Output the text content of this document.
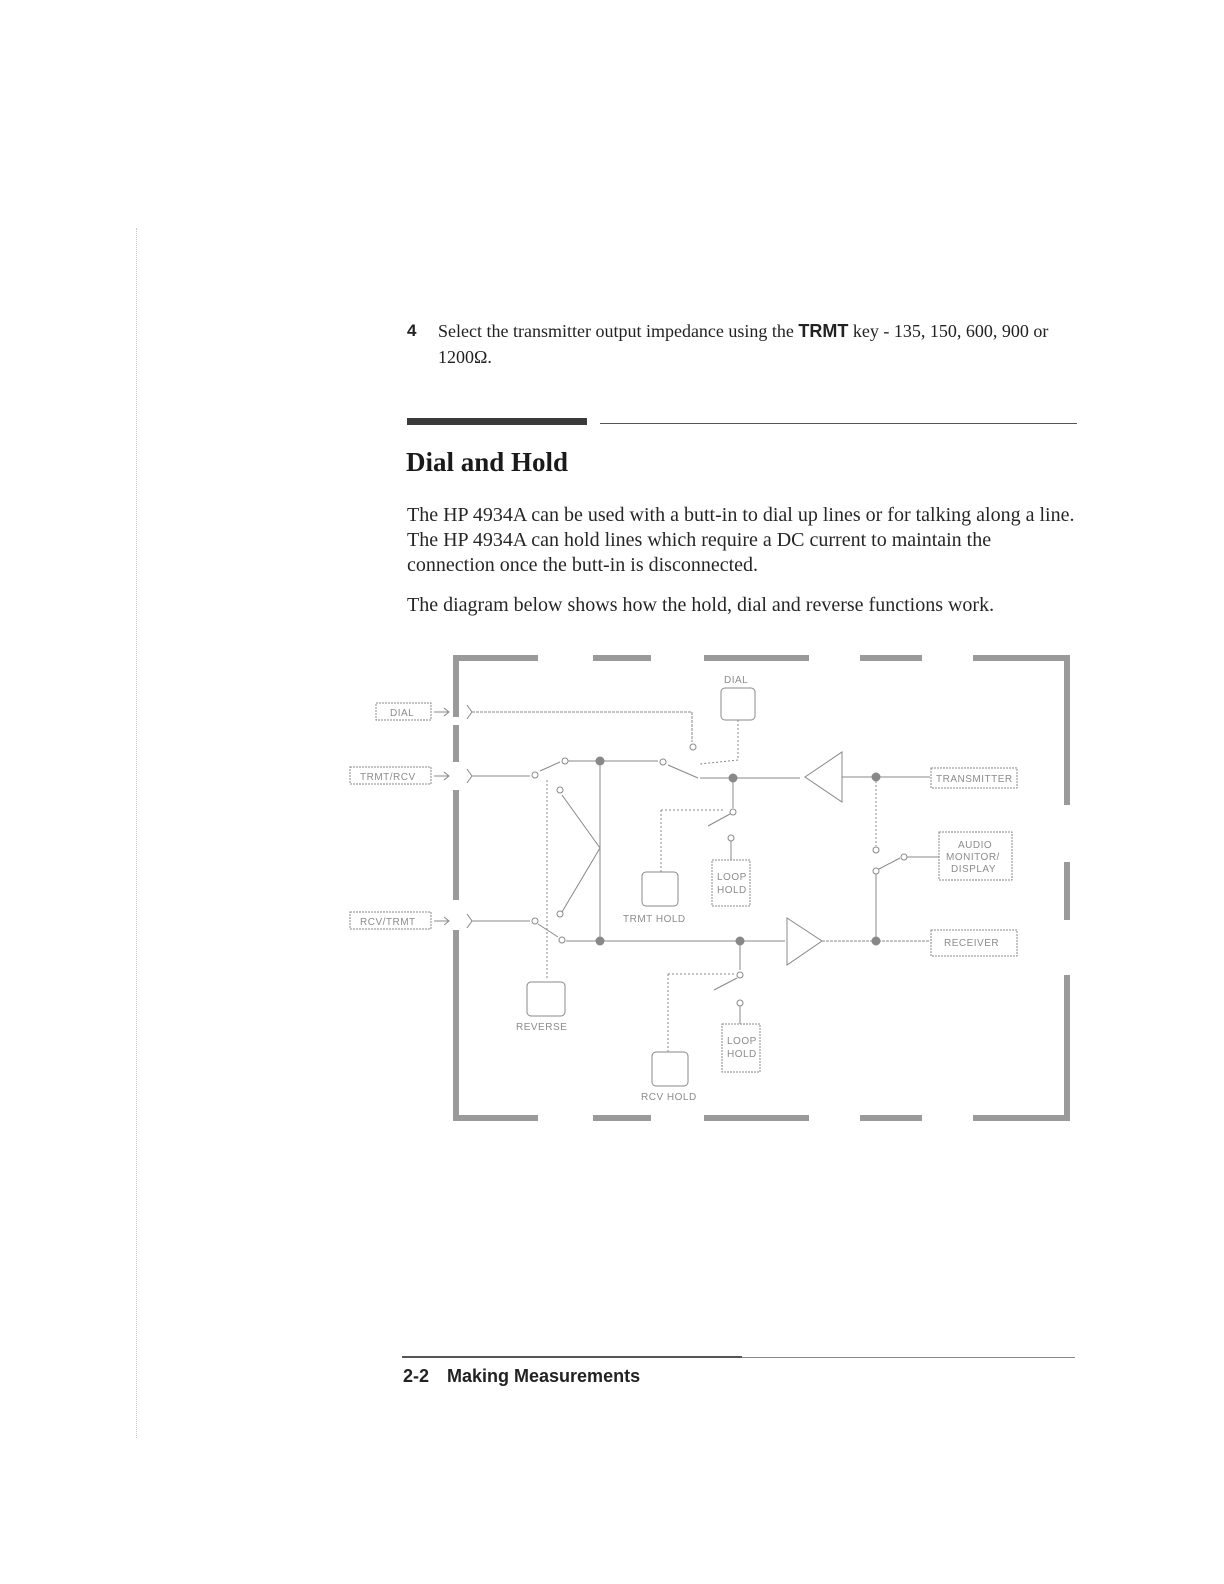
4	Select the transmitter output impedance using the TRMT key - 135, 150, 600, 900 or 1200Ω.
Dial and Hold

The HP 4934A can be used with a butt-in to dial up lines or for talking along a line. The HP 4934A can hold lines which require a DC current to maintain the connection once the butt-in is disconnected.

The diagram below shows how the hold, dial and reverse functions work.

DIAL
TRMT/RCV
RCV/TRMT
DIAL
LOOP
HOLD
TRMT HOLD
REVERSE
LOOP
HOLD
RCV HOLD
TRANSMITTER
AUDIO
MONITOR/
DISPLAY
RECEIVER
2-2 Making Measurements
